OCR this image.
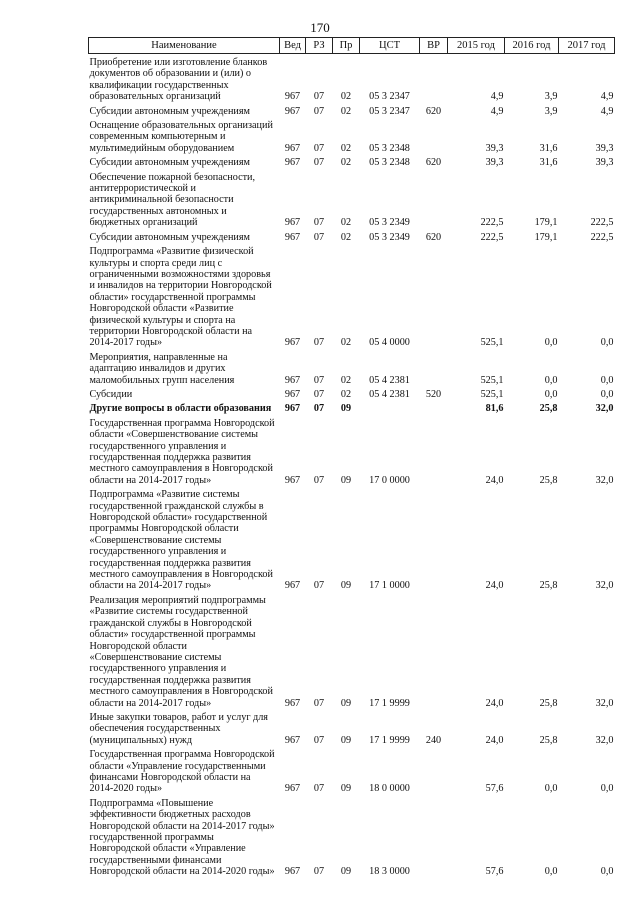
170
Наименование	Вед	РЗ	Пр	ЦСТ	ВР	2015 год	2016 год	2017 год
Приобретение или изготовление бланков документов об образовании и (или) о квалификации государственных образовательных организаций	967	07	02	05 3 2347		4,9	3,9	4,9
Субсидии автономным учреждениям	967	07	02	05 3 2347	620	4,9	3,9	4,9
Оснащение образовательных организаций современным компьютерным и мультимедийным оборудованием	967	07	02	05 3 2348		39,3	31,6	39,3
Субсидии автономным учреждениям	967	07	02	05 3 2348	620	39,3	31,6	39,3
Обеспечение пожарной безопасности, антитеррористической и антикриминальной безопасности государственных автономных и бюджетных организаций	967	07	02	05 3 2349		222,5	179,1	222,5
Субсидии автономным учреждениям	967	07	02	05 3 2349	620	222,5	179,1	222,5
Подпрограмма «Развитие физической культуры и спорта среди лиц с ограниченными возможностями здоровья и инвалидов на территории Новгородской области» государственной программы Новгородской области «Развитие физической культуры и спорта на территории Новгородской области на 2014-2017 годы»	967	07	02	05 4 0000		525,1	0,0	0,0
Мероприятия, направленные на адаптацию инвалидов и других маломобильных групп населения	967	07	02	05 4 2381		525,1	0,0	0,0
Субсидии	967	07	02	05 4 2381	520	525,1	0,0	0,0
Другие вопросы в области образования	967	07	09			81,6	25,8	32,0
Государственная программа Новгородской области «Совершенствование системы государственного управления и государственная поддержка развития местного самоуправления в Новгородской области на 2014-2017 годы»	967	07	09	17 0 0000		24,0	25,8	32,0
Подпрограмма «Развитие системы государственной гражданской службы в Новгородской области» государственной программы Новгородской области «Совершенствование системы государственного управления и государственная поддержка развития местного самоуправления в Новгородской области на 2014-2017 годы»	967	07	09	17 1 0000		24,0	25,8	32,0
Реализация мероприятий подпрограммы «Развитие системы государственной гражданской службы в Новгородской области» государственной программы Новгородской области «Совершенствование системы государственного управления и государственная поддержка развития местного самоуправления в Новгородской области на 2014-2017 годы»	967	07	09	17 1 9999		24,0	25,8	32,0
Иные закупки товаров, работ и услуг для обеспечения государственных (муниципальных) нужд	967	07	09	17 1 9999	240	24,0	25,8	32,0
Государственная программа Новгородской области «Управление государственными финансами Новгородской области на 2014-2020 годы»	967	07	09	18 0 0000		57,6	0,0	0,0
Подпрограмма «Повышение эффективности бюджетных расходов Новгородской области на 2014-2017 годы» государственной программы Новгородской области «Управление государственными финансами Новгородской области на 2014-2020 годы»	967	07	09	18 3 0000		57,6	0,0	0,0
